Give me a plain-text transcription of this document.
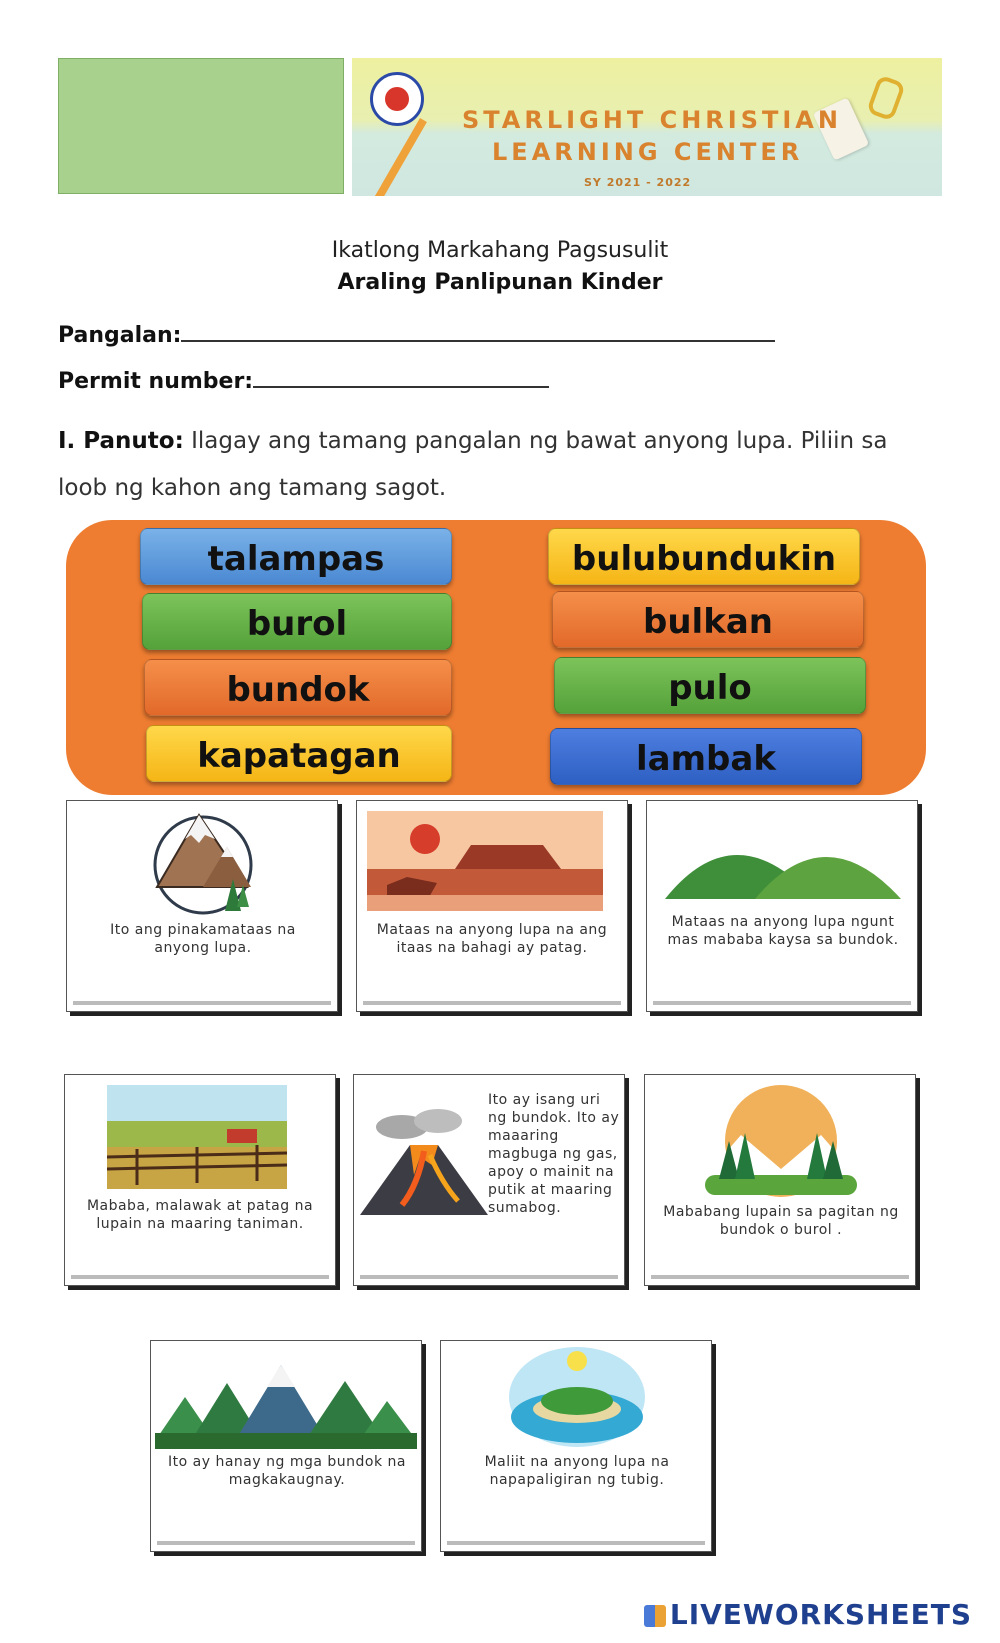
STARLIGHT CHRISTIAN
LEARNING CENTER
SY 2021 - 2022
Ikatlong Markahang Pagsusulit
Araling Panlipunan Kinder
Pangalan:
Permit number:
I. Panuto: Ilagay ang tamang pangalan ng bawat anyong lupa. Piliin sa loob ng kahon ang tamang sagot.
talampas
burol
bundok
kapatagan
bulubundukin
bulkan
pulo
lambak
Ito ang pinakamataas na anyong lupa.
Mataas na anyong lupa na ang itaas na bahagi ay patag.
Mataas na anyong lupa ngunt mas mababa kaysa sa bundok.
Mababa, malawak at patag na lupain na maaring taniman.
Ito ay isang uri ng bundok. Ito ay maaaring magbuga ng gas, apoy o mainit na putik at maaring sumabog.	Mababang lupain sa pagitan ng bundok o burol .
Ito ay hanay ng mga bundok na magkakaugnay.
Maliit na anyong lupa na napapaligiran ng tubig.
LIVEWORKSHEETS
